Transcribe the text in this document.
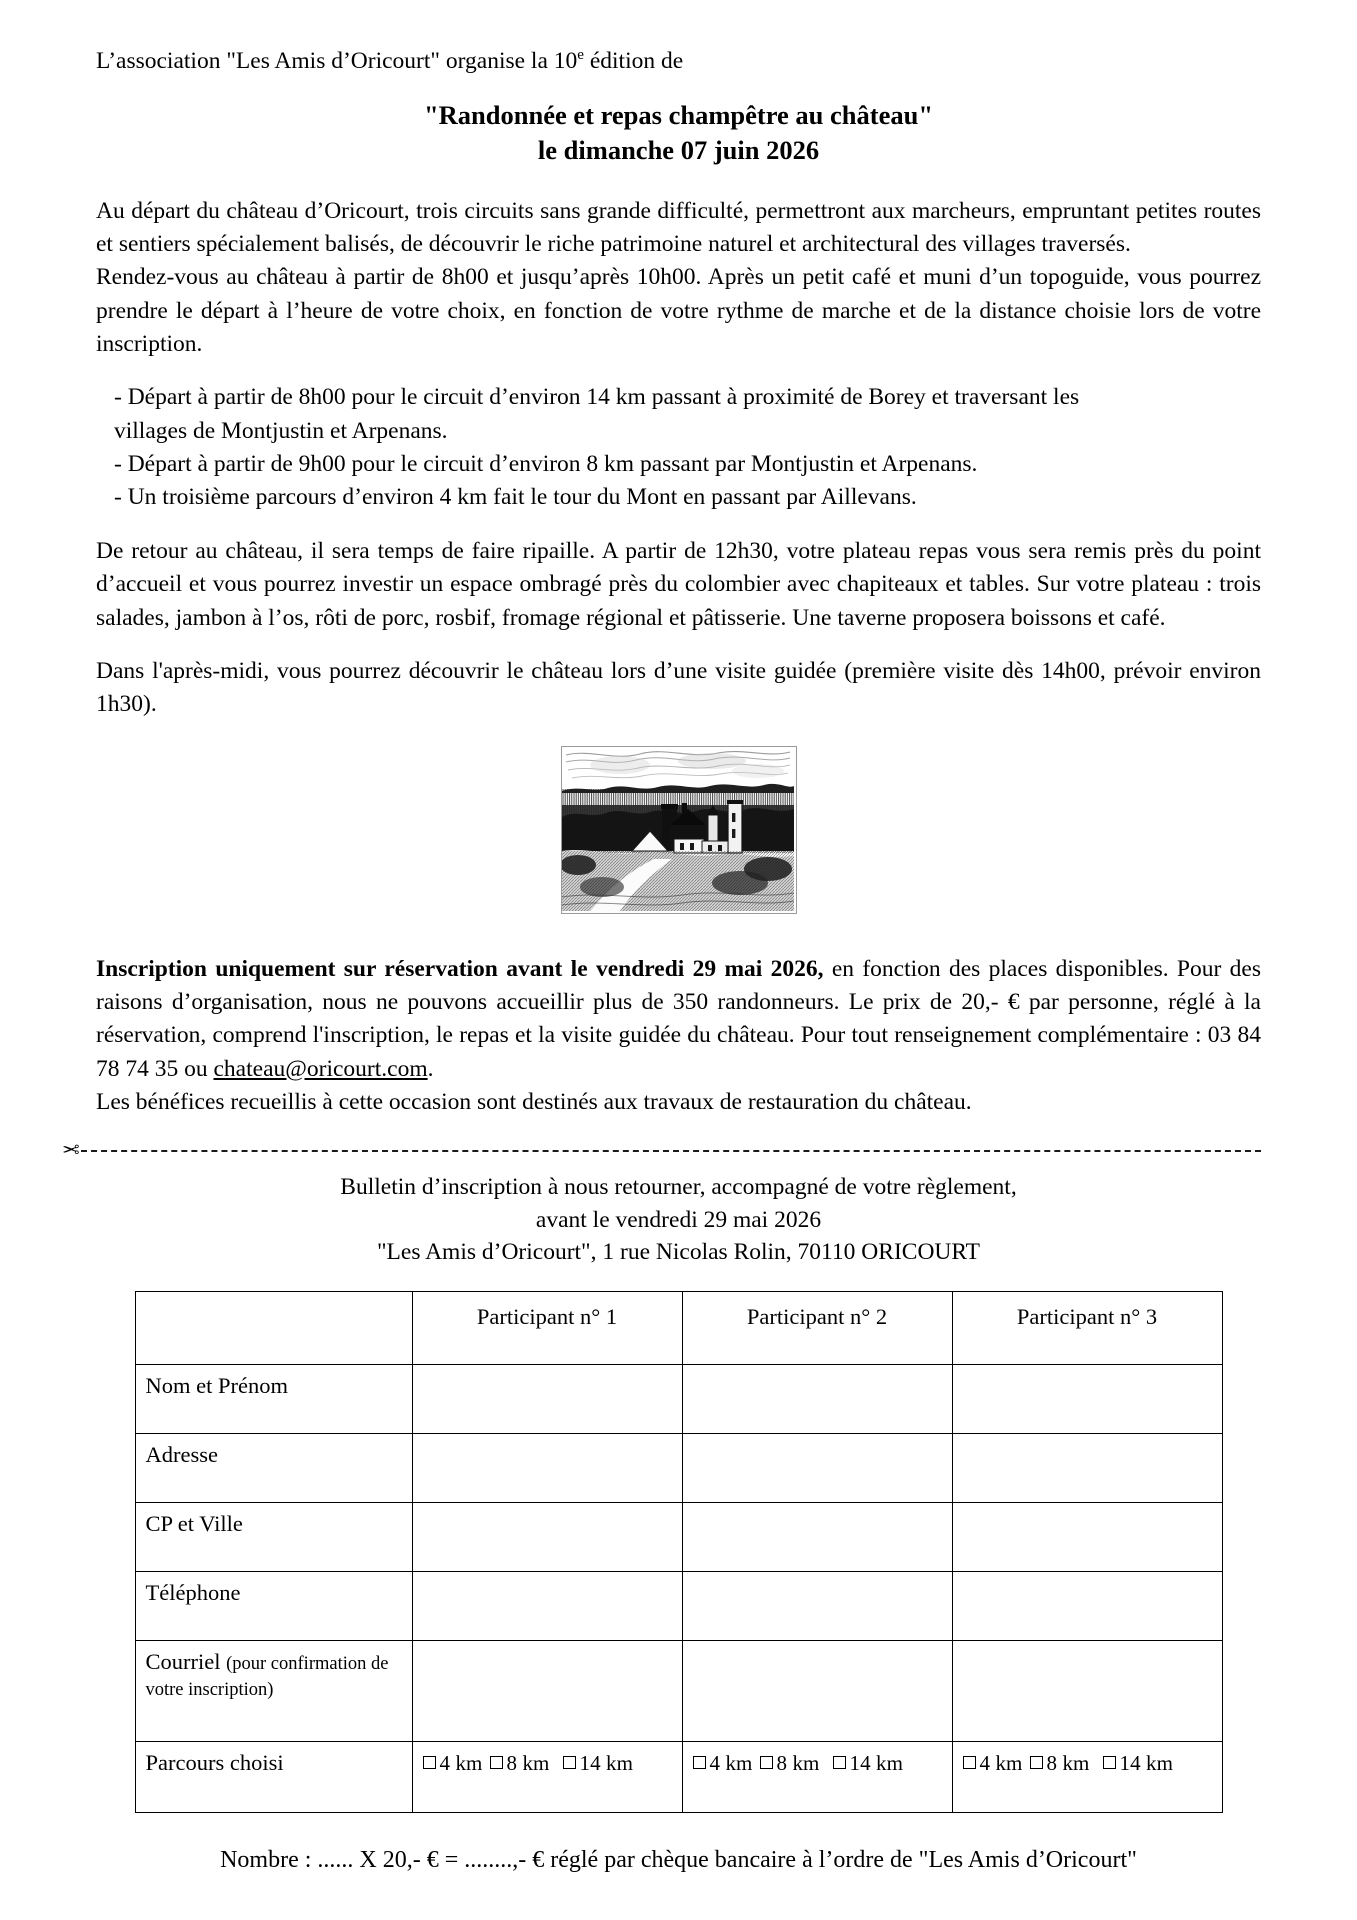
L’association "Les Amis d’Oricourt" organise la 10e édition de
"Randonnée et repas champêtre au château"
le dimanche 07 juin 2026

Au départ du château d’Oricourt, trois circuits sans grande difficulté, permettront aux marcheurs, empruntant petites routes et sentiers spécialement balisés, de découvrir le riche patrimoine naturel et architectural des villages traversés.

Rendez-vous au château à partir de 8h00 et jusqu’après 10h00. Après un petit café et muni d’un topoguide, vous pourrez prendre le départ à l’heure de votre choix, en fonction de votre rythme de marche et de la distance choisie lors de votre inscription.

- Départ à partir de 8h00 pour le circuit d’environ 14 km passant à proximité de Borey et traversant les
villages de Montjustin et Arpenans.
- Départ à partir de 9h00 pour le circuit d’environ 8 km passant par Montjustin et Arpenans.
- Un troisième parcours d’environ 4 km fait le tour du Mont en passant par Aillevans.

De retour au château, il sera temps de faire ripaille. A partir de 12h30, votre plateau repas vous sera remis près du point d’accueil et vous pourrez investir un espace ombragé près du colombier avec chapiteaux et tables. Sur votre plateau : trois salades, jambon à l’os, rôti de porc, rosbif, fromage régional et pâtisserie. Une taverne proposera boissons et café.

Dans l'après-midi, vous pourrez découvrir le château lors d’une visite guidée (première visite dès 14h00, prévoir environ 1h30).

Inscription uniquement sur réservation avant le vendredi 29 mai 2026, en fonction des places disponibles. Pour des raisons d’organisation, nous ne pouvons accueillir plus de 350 randonneurs. Le prix de 20,- € par personne, réglé à la réservation, comprend l'inscription, le repas et la visite guidée du château. Pour tout renseignement complémentaire : 03 84 78 74 35 ou chateau@oricourt.com.

Les bénéfices recueillis à cette occasion sont destinés aux travaux de restauration du château.

✂
Bulletin d’inscription à nous retourner, accompagné de votre règlement,
avant le vendredi 29 mai 2026
"Les Amis d’Oricourt", 1 rue Nicolas Rolin, 70110 ORICOURT
	Participant n° 1	Participant n° 2	Participant n° 3
Nom et Prénom			
Adresse			
CP et Ville			
Téléphone			
Courriel (pour confirmation de votre inscription)			
Parcours choisi	4 km 8 km 14 km	4 km 8 km 14 km	4 km 8 km 14 km
Nombre : ...... X 20,- € = ........,- € réglé par chèque bancaire à l’ordre de "Les Amis d’Oricourt"
